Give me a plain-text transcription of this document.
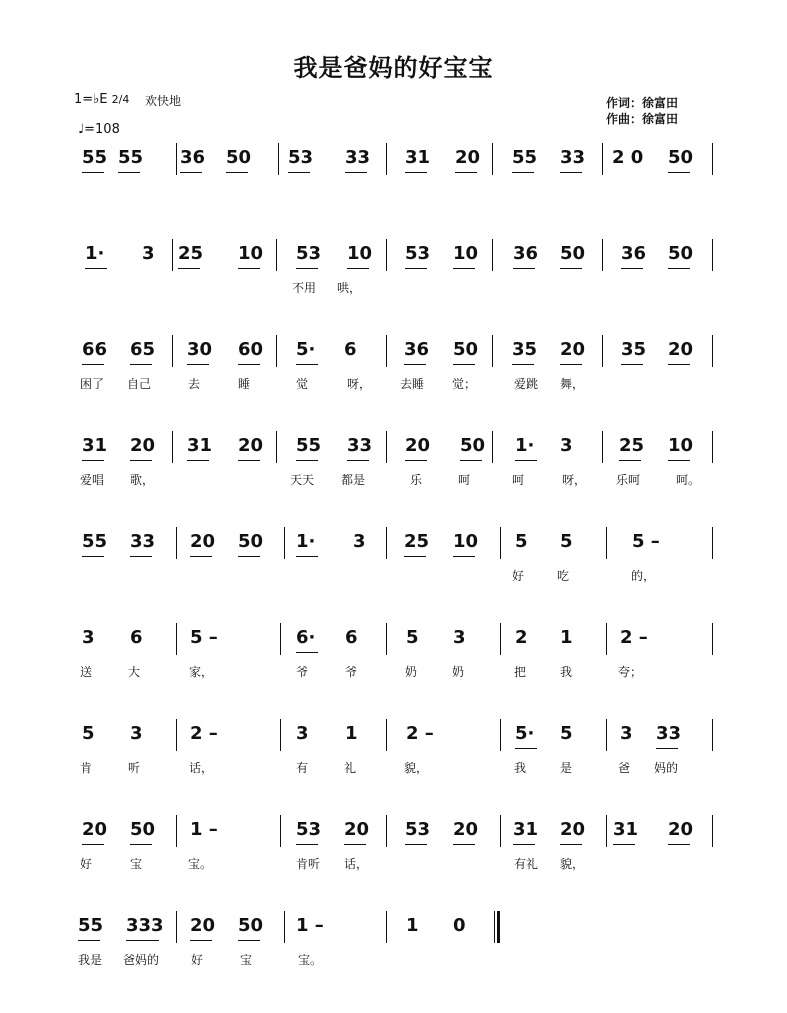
我是爸妈的好宝宝
1=♭E 2/4
♩=108
欢快地	作词：徐富田
作曲：徐富田
55 55 36 50 53 33 31 20 55 33 2 0 50
1· 3 25 10 53 10 53 10 36 50 36 50
不用 哄，
66 65 30 60 5· 6	36 50 35 20 35 20
困了 自己	去	睡	觉	呀， 去睡 觉；	爱跳 舞，
31 20 31 20 55 33 20 50 1· 3	25 10
爱唱 歌，	天天 都是	乐	呵	呵	呀， 乐呵	呵。
55 33 20 50 1· 3 25 10 5 5	5 –
好	吃	的，
3 6	5 –	6· 6	5 3	2 1	2 –
送	大	家，	爷	爷	奶	奶	把	我	夸；
5 3	2 –	3 1	2 –	5· 5	3 33
肯	听	话，	有	礼	貌，	我	是	爸 妈的
20 50 1 –	53 20 53 20 31 20 31 20
好	宝	宝。	肯听 话，	有礼 貌，
55 333 20 50 1 –	1 0
我是 爸妈的	好	宝	宝。
